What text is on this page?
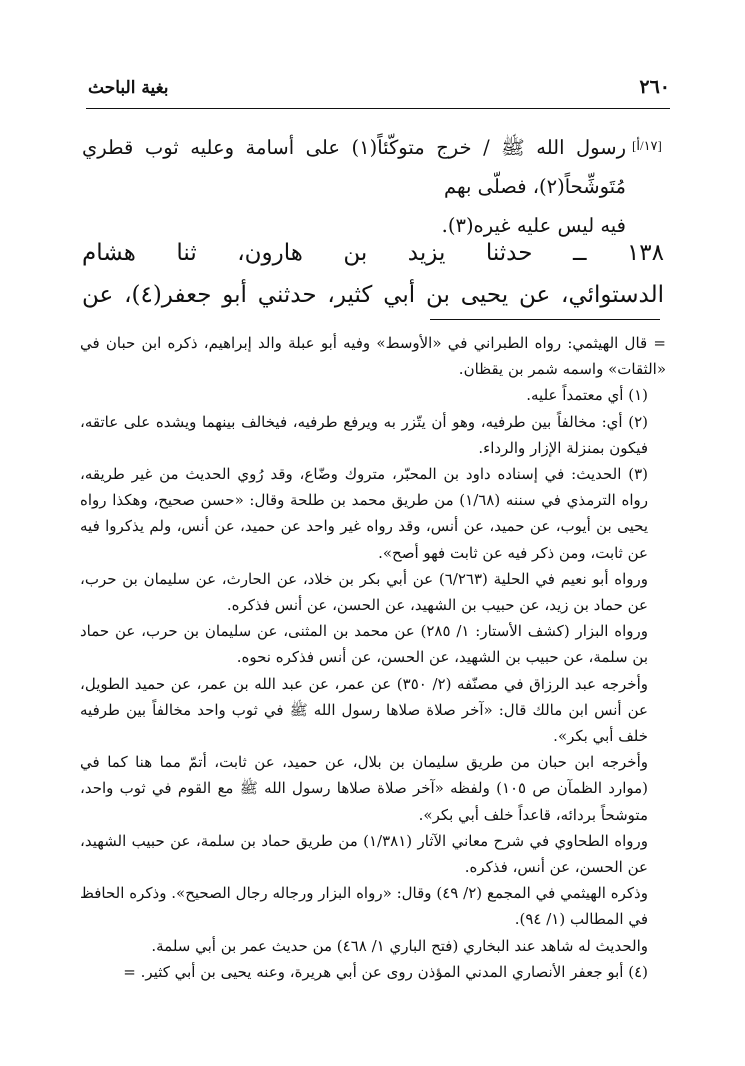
٢٦٠
بغية الباحث
[١٧/أ]

رسول الله ﷺ / خرج متوكّئاً(١) على أسامة وعليه ثوب قطري مُتَوشِّحاً(٢)، فصلّى بهم

فيه ليس عليه غيره(٣).

١٣٨ ــ حدثنا يزيد بن هارون، ثنا هشام

الدستوائي، عن يحيى بن أبي كثير، حدثني أبو جعفر(٤)، عن

= قال الهيثمي: رواه الطبراني في «الأوسط» وفيه أبو عبلة والد إبراهيم، ذكره ابن حبان في «الثقات» واسمه شمر بن يقظان.

(١) أي معتمداً عليه.

(٢) أي: مخالفاً بين طرفيه، وهو أن يتّزر به ويرفع طرفيه، فيخالف بينهما ويشده على عاتقه، فيكون بمنزلة الإزار والرداء.

(٣) الحديث: في إسناده داود بن المحبّر، متروك وضّاع، وقد رُوي الحديث من غير طريقه، رواه الترمذي في سننه (١/٦٨) من طريق محمد بن طلحة وقال: «حسن صحيح، وهكذا رواه يحيى بن أيوب، عن حميد، عن أنس، وقد رواه غير واحد عن حميد، عن أنس، ولم يذكروا فيه عن ثابت، ومن ذكر فيه عن ثابت فهو أصح».

ورواه أبو نعيم في الحلية (٦/٢٦٣) عن أبي بكر بن خلاد، عن الحارث، عن سليمان بن حرب، عن حماد بن زيد، عن حبيب بن الشهيد، عن الحسن، عن أنس فذكره.

ورواه البزار (كشف الأستار: ١/ ٢٨٥) عن محمد بن المثنى، عن سليمان بن حرب، عن حماد بن سلمة، عن حبيب بن الشهيد، عن الحسن، عن أنس فذكره نحوه.

وأخرجه عبد الرزاق في مصنّفه (٢/ ٣٥٠) عن عمر، عن عبد الله بن عمر، عن حميد الطويل، عن أنس ابن مالك قال: «آخر صلاة صلاها رسول الله ﷺ في ثوب واحد مخالفاً بين طرفيه خلف أبي بكر».

وأخرجه ابن حبان من طريق سليمان بن بلال، عن حميد، عن ثابت، أتمّ مما هنا كما في (موارد الظمآن ص ١٠٥) ولفظه «آخر صلاة صلاها رسول الله ﷺ مع القوم في ثوب واحد، متوشحاً بردائه، قاعداً خلف أبي بكر».

ورواه الطحاوي في شرح معاني الآثار (١/٣٨١) من طريق حماد بن سلمة، عن حبيب الشهيد، عن الحسن، عن أنس، فذكره.

وذكره الهيثمي في المجمع (٢/ ٤٩) وقال: «رواه البزار ورجاله رجال الصحيح». وذكره الحافظ في المطالب (١/ ٩٤).

والحديث له شاهد عند البخاري (فتح الباري ١/ ٤٦٨) من حديث عمر بن أبي سلمة.

(٤) أبو جعفر الأنصاري المدني المؤذن روى عن أبي هريرة، وعنه يحيى بن أبي كثير. =
